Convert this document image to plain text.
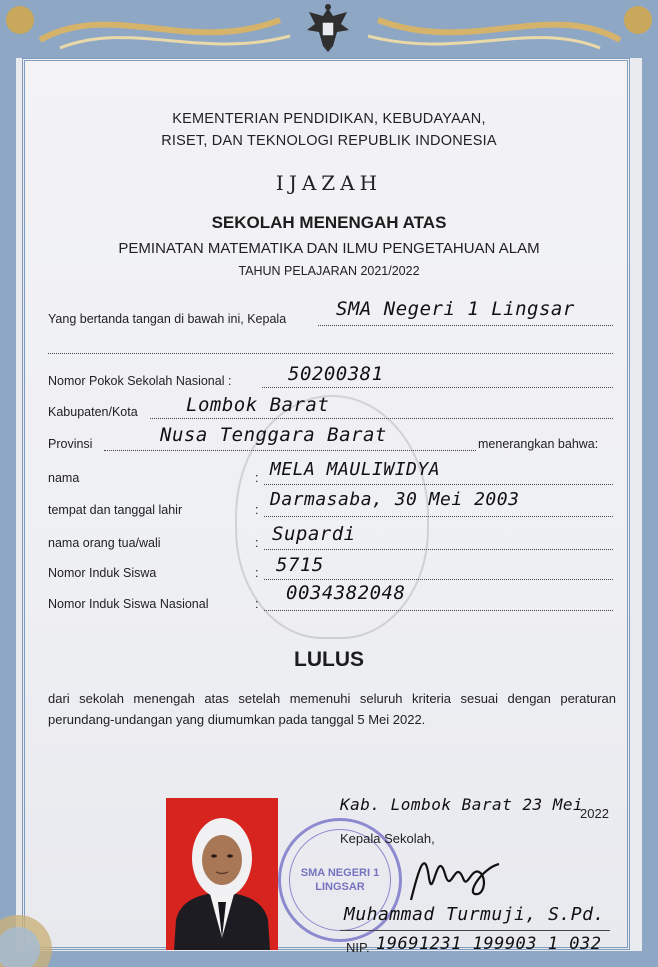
KEMENTERIAN PENDIDIKAN, KEBUDAYAAN,
RISET, DAN TEKNOLOGI REPUBLIK INDONESIA
IJAZAH
SEKOLAH MENENGAH ATAS
PEMINATAN MATEMATIKA DAN ILMU PENGETAHUAN ALAM
TAHUN PELAJARAN 2021/2022
Yang bertanda tangan di bawah ini, Kepala	SMA Negeri 1 Lingsar
Nomor Pokok Sekolah Nasional :	50200381
Kabupaten/Kota	Lombok Barat
Provinsi	Nusa Tenggara Barat	menerangkan bahwa:
nama	: MELA MAULIWIDYA
tempat dan tanggal lahir	: Darmasaba, 30 Mei 2003
nama orang tua/wali	: Supardi
Nomor Induk Siswa	: 5715
Nomor Induk Siswa Nasional	: 0034382048
LULUS
dari sekolah menengah atas setelah memenuhi seluruh kriteria sesuai dengan peraturan perundang-undangan yang diumumkan pada tanggal 5 Mei 2022.
SMA NEGERI 1
LINGSAR
Kab. Lombok Barat 23 Mei
2022
Kepala Sekolah,
Muhammad Turmuji, S.Pd.
NIP. 19691231 199903 1 032
